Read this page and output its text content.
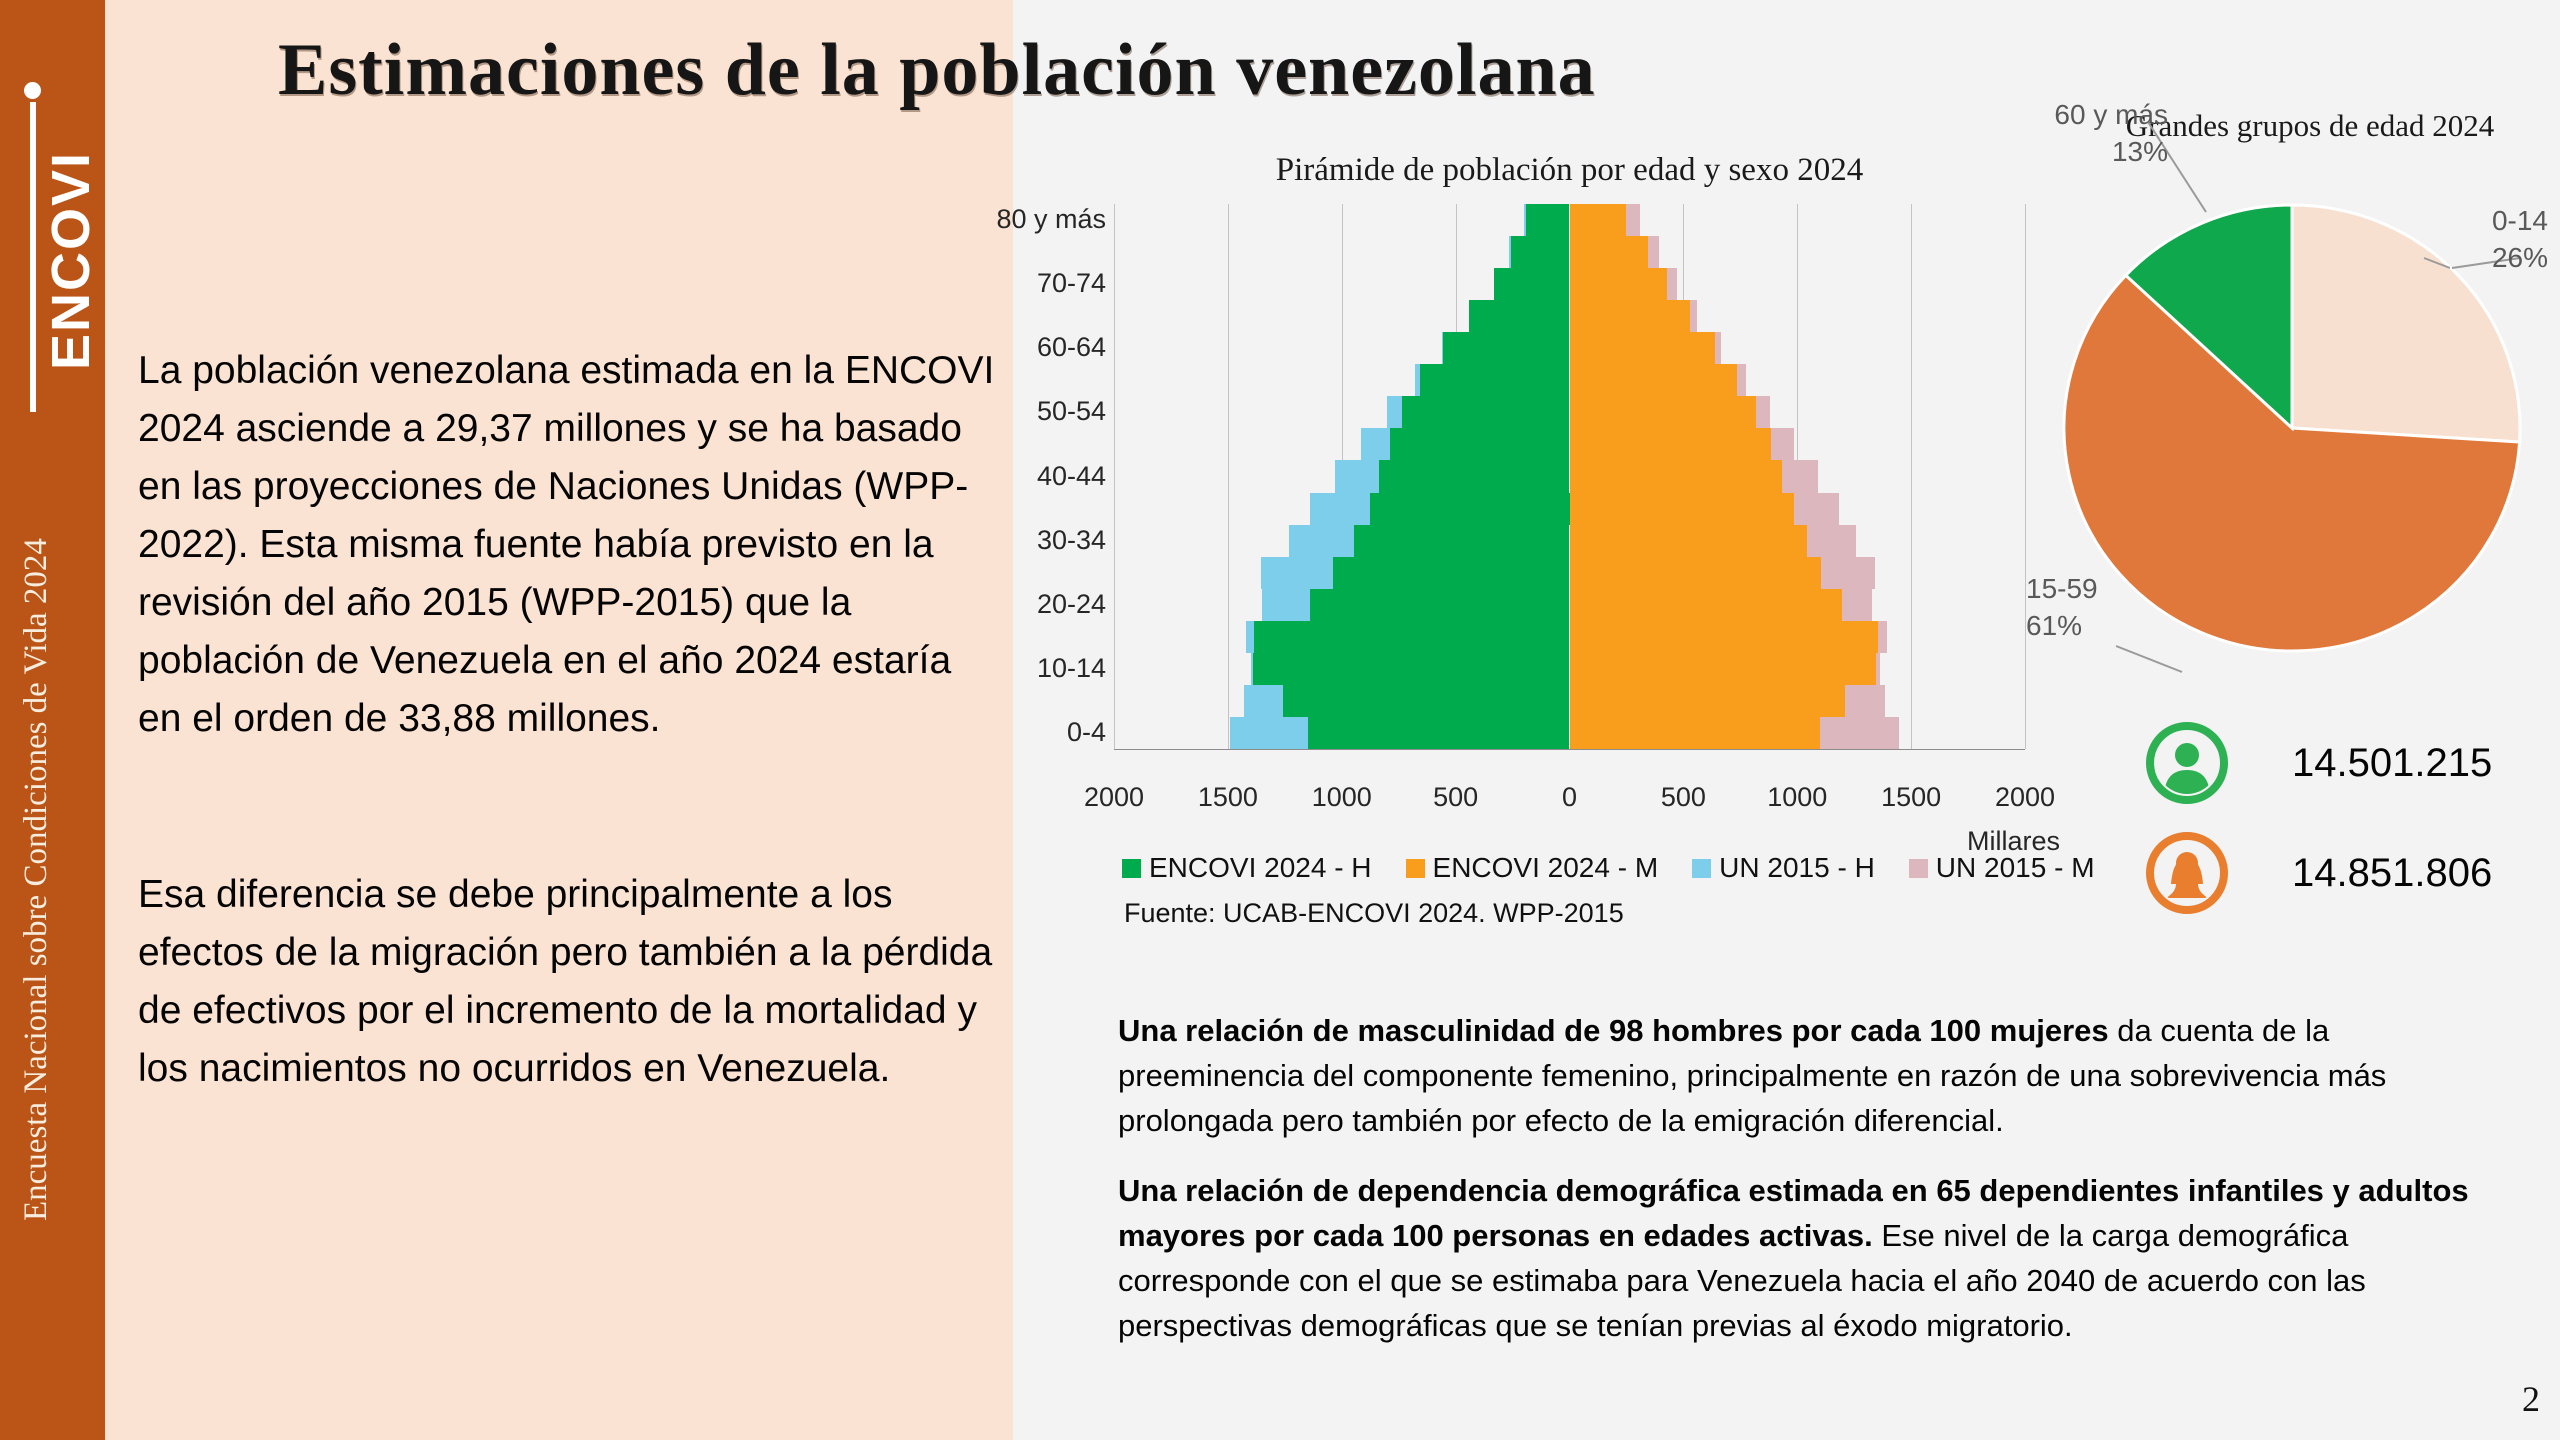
ENCOVI
Encuesta Nacional sobre Condiciones de Vida 2024
Estimaciones de la población venezolana
La población venezolana estimada en la ENCOVI 2024 asciende a 29,37 millones y se ha basado en las proyecciones de Naciones Unidas (WPP-2022). Esta misma fuente había previsto en la revisión del año 2015 (WPP-2015) que la población de Venezuela en el año 2024 estaría en el orden de 33,88 millones.
Esa diferencia se debe principalmente a los efectos de la migración pero también a la pérdida de efectivos por el incremento de la mortalidad y los nacimientos no ocurridos en Venezuela.
Pirámide de población por edad y sexo 2024
80 y más
70-74
60-64
50-54
40-44
30-34
20-24
10-14
0-4
2000	1500	1000	500	0	500	1000	1500	2000
Millares
ENCOVI 2024 - H ENCOVI 2024 - M UN 2015 - H UN 2015 - M
Fuente: UCAB-ENCOVI 2024. WPP-2015
Grandes grupos de edad 2024
60 y más
13%
0-14
26%
15-59
61%
14.501.215
14.851.806
Una relación de masculinidad de 98 hombres por cada 100 mujeres da cuenta de la preeminencia del componente femenino, principalmente en razón de una sobrevivencia más prolongada pero también por efecto de la emigración diferencial.
Una relación de dependencia demográfica estimada en 65 dependientes infantiles y adultos mayores por cada 100 personas en edades activas. Ese nivel de la carga demográfica corresponde con el que se estimaba para Venezuela hacia el año 2040 de acuerdo con las perspectivas demográficas que se tenían previas al éxodo migratorio.
2
